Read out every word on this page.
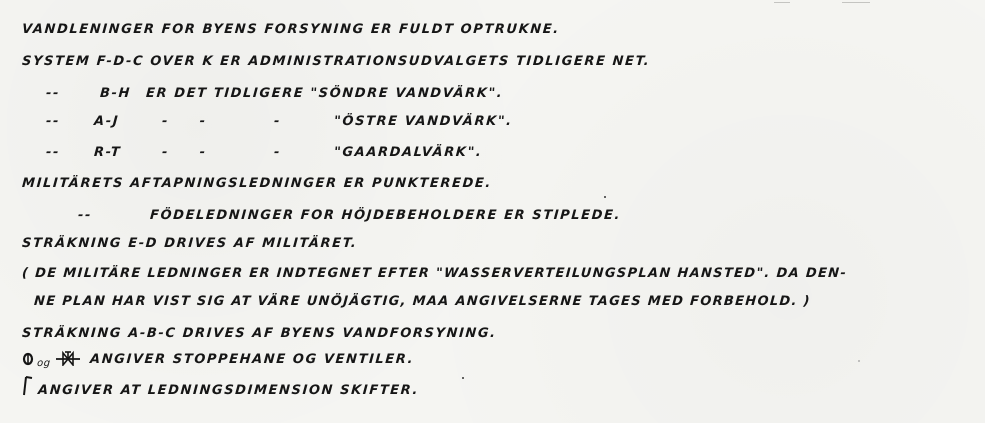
VANDLENINGER FOR BYENS FORSYNING ER FULDT OPTRUKNE.
SYSTEM F-D-C OVER K ER ADMINISTRATIONSUDVALGETS TIDLIGERE NET.
--	B-H ER DET TIDLIGERE "SÖNDRE VANDVÄRK".
--	A-J	-     -           -	"ÖSTRE VANDVÄRK".
--	R-T	-     -           -	"GAARDALVÄRK".
MILITÄRETS AFTAPNINGSLEDNINGER ER PUNKTEREDE.
--	FÖDELEDNINGER FOR HÖJDEBEHOLDERE ER STIPLEDE.
STRÄKNING E-D DRIVES AF MILITÄRET.
( DE MILITÄRE LEDNINGER ER INDTEGNET EFTER "WASSERVERTEILUNGSPLAN HANSTED". DA DEN-
NE PLAN HAR VIST SIG AT VÄRE UNÖJÄGTIG, MAA ANGIVELSERNE TAGES MED FORBEHOLD. )
STRÄKNING A-B-C DRIVES AF BYENS VANDFORSYNING.
og	ANGIVER STOPPEHANE OG VENTILER.
ANGIVER AT LEDNINGSDIMENSION SKIFTER.
